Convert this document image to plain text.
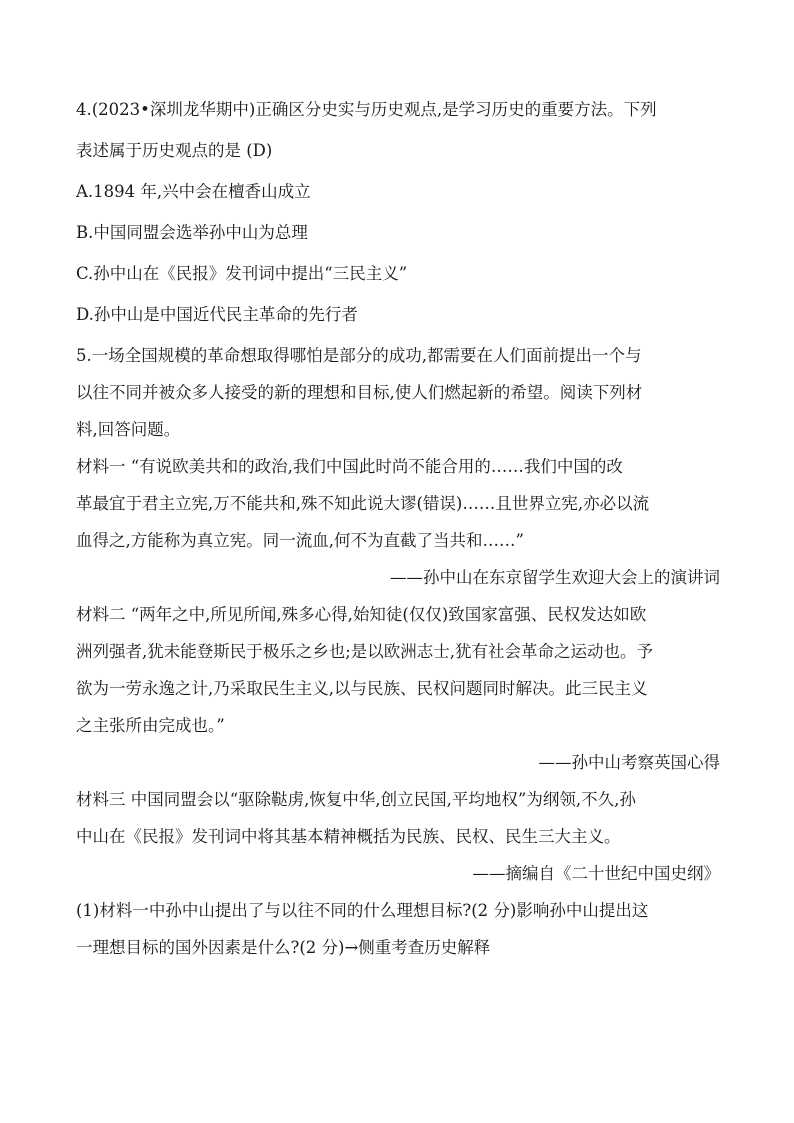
4.(2023•深圳龙华期中)正确区分史实与历史观点,是学习历史的重要方法。下列
表述属于历史观点的是 (D)
A.1894 年,兴中会在檀香山成立
B.中国同盟会选举孙中山为总理
C.孙中山在《民报》发刊词中提出“三民主义”
D.孙中山是中国近代民主革命的先行者
5.一场全国规模的革命想取得哪怕是部分的成功,都需要在人们面前提出一个与
以往不同并被众多人接受的新的理想和目标,使人们燃起新的希望。阅读下列材
料,回答问题。
材料一 “有说欧美共和的政治,我们中国此时尚不能合用的……我们中国的改
革最宜于君主立宪,万不能共和,殊不知此说大谬(错误)……且世界立宪,亦必以流
血得之,方能称为真立宪。同一流血,何不为直截了当共和……”
——孙中山在东京留学生欢迎大会上的演讲词
材料二 “两年之中,所见所闻,殊多心得,始知徒(仅仅)致国家富强、民权发达如欧
洲列强者,犹未能登斯民于极乐之乡也;是以欧洲志士,犹有社会革命之运动也。予
欲为一劳永逸之计,乃采取民生主义,以与民族、民权问题同时解决。此三民主义
之主张所由完成也。”
——孙中山考察英国心得
材料三 中国同盟会以“驱除鞑虏,恢复中华,创立民国,平均地权”为纲领,不久,孙
中山在《民报》发刊词中将其基本精神概括为民族、民权、民生三大主义。
——摘编自《二十世纪中国史纲》
(1)材料一中孙中山提出了与以往不同的什么理想目标?(2 分)影响孙中山提出这
一理想目标的国外因素是什么?(2 分)→侧重考查历史解释
